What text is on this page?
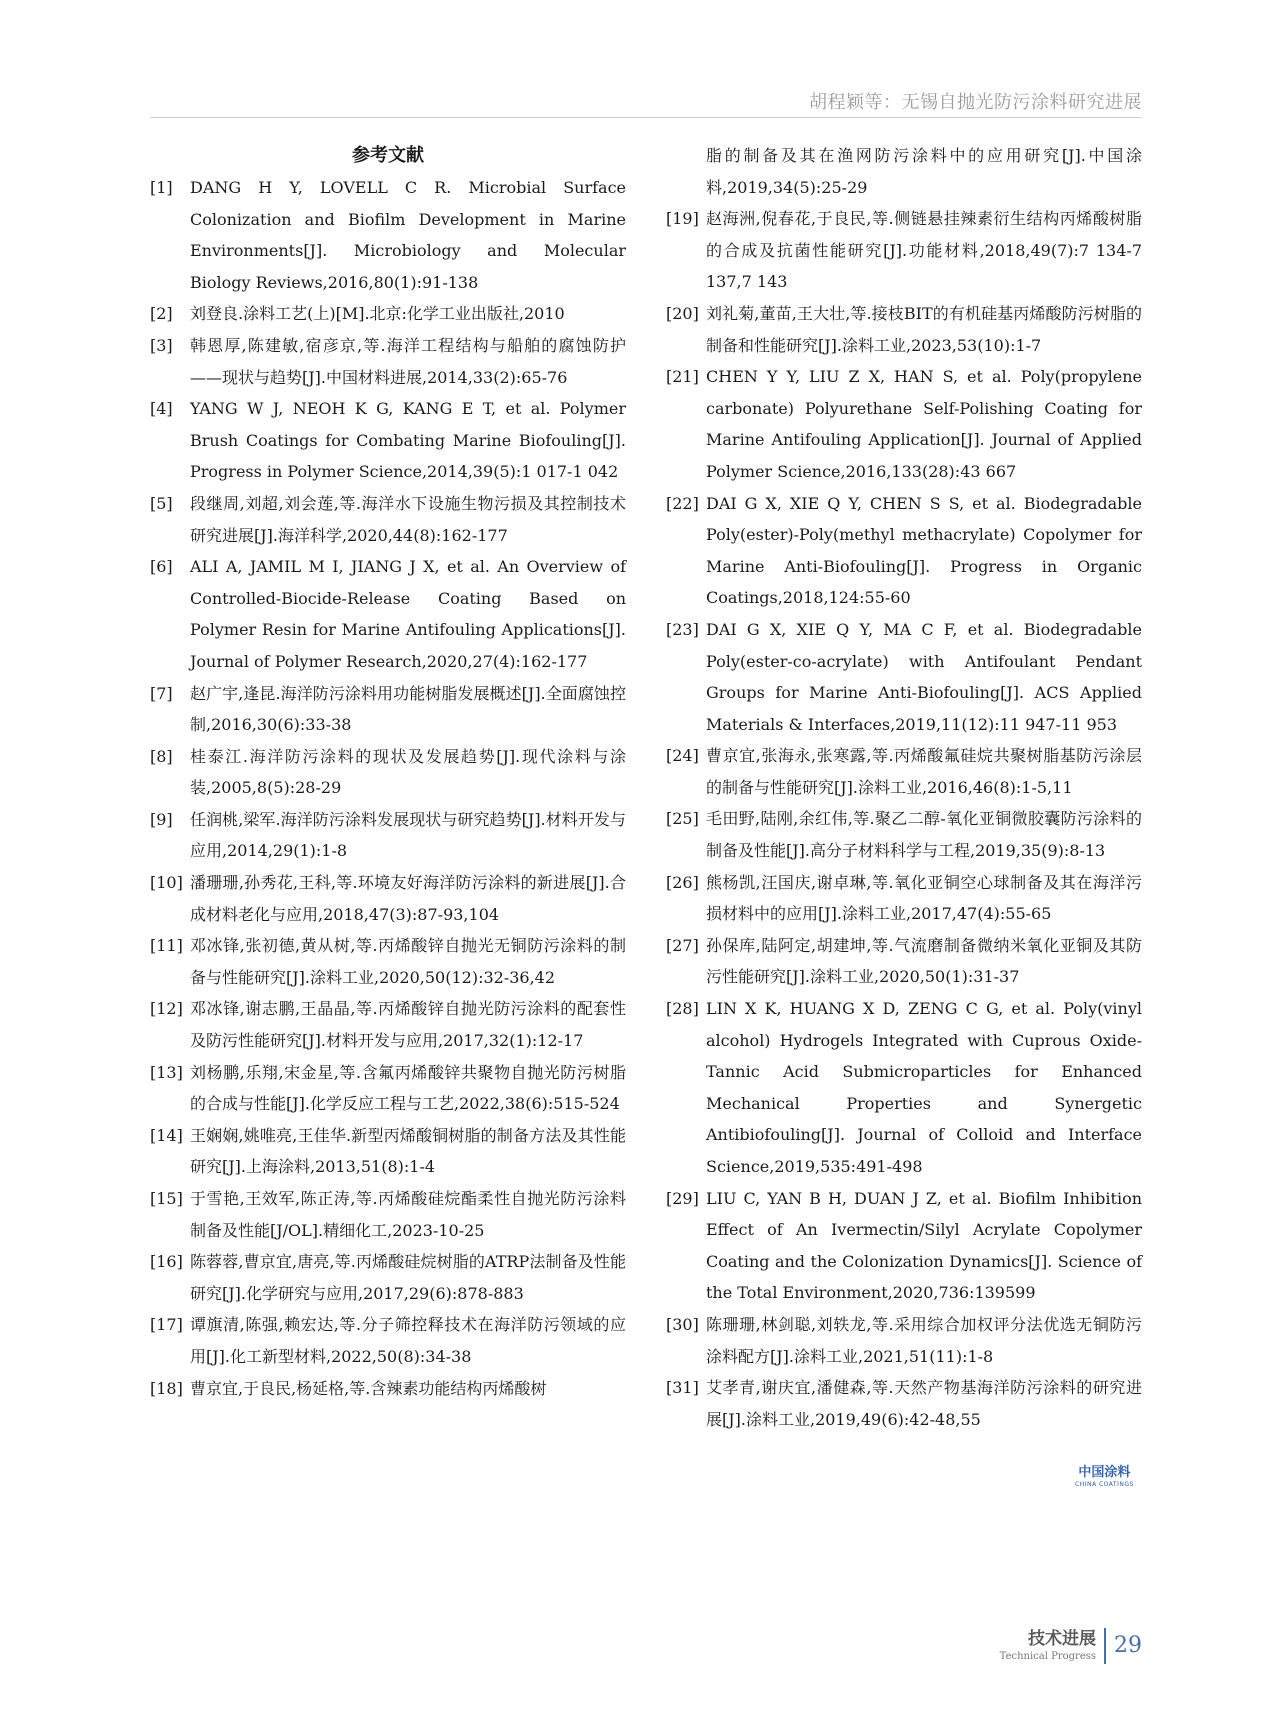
胡程颖等：无锡自抛光防污涂料研究进展
参考文献
[1]	DANG H Y, LOVELL C R. Microbial Surface Colonization and Biofilm Development in Marine Environments[J]. Microbiology and Molecular Biology Reviews,2016,80(1):91-138
[2]	刘登良.涂料工艺(上)[M].北京:化学工业出版社,2010
[3]	韩恩厚,陈建敏,宿彦京,等.海洋工程结构与船舶的腐蚀防护——现状与趋势[J].中国材料进展,2014,33(2):65-76
[4]	YANG W J, NEOH K G, KANG E T, et al. Polymer Brush Coatings for Combating Marine Biofouling[J]. Progress in Polymer Science,2014,39(5):1 017-1 042
[5]	段继周,刘超,刘会莲,等.海洋水下设施生物污损及其控制技术研究进展[J].海洋科学,2020,44(8):162-177
[6]	ALI A, JAMIL M I, JIANG J X, et al. An Overview of Controlled-Biocide-Release Coating Based on Polymer Resin for Marine Antifouling Applications[J]. Journal of Polymer Research,2020,27(4):162-177
[7]	赵广宇,逢昆.海洋防污涂料用功能树脂发展概述[J].全面腐蚀控制,2016,30(6):33-38
[8]	桂泰江.海洋防污涂料的现状及发展趋势[J].现代涂料与涂装,2005,8(5):28-29
[9]	任润桃,梁军.海洋防污涂料发展现状与研究趋势[J].材料开发与应用,2014,29(1):1-8
[10] 潘珊珊,孙秀花,王科,等.环境友好海洋防污涂料的新进展[J].合成材料老化与应用,2018,47(3):87-93,104
[11] 邓冰锋,张初德,黄从树,等.丙烯酸锌自抛光无铜防污涂料的制备与性能研究[J].涂料工业,2020,50(12):32-36,42
[12] 邓冰锋,谢志鹏,王晶晶,等.丙烯酸锌自抛光防污涂料的配套性及防污性能研究[J].材料开发与应用,2017,32(1):12-17
[13] 刘杨鹏,乐翔,宋金星,等.含氟丙烯酸锌共聚物自抛光防污树脂的合成与性能[J].化学反应工程与工艺,2022,38(6):515-524
[14] 王娴娴,姚唯亮,王佳华.新型丙烯酸铜树脂的制备方法及其性能研究[J].上海涂料,2013,51(8):1-4
[15] 于雪艳,王效军,陈正涛,等.丙烯酸硅烷酯柔性自抛光防污涂料制备及性能[J/OL].精细化工,2023-10-25
[16] 陈蓉蓉,曹京宜,唐亮,等.丙烯酸硅烷树脂的ATRP法制备及性能研究[J].化学研究与应用,2017,29(6):878-883
[17] 谭旗清,陈强,赖宏达,等.分子筛控释技术在海洋防污领域的应用[J].化工新型材料,2022,50(8):34-38
[18] 曹京宜,于良民,杨延格,等.含辣素功能结构丙烯酸树
脂的制备及其在渔网防污涂料中的应用研究[J].中国涂料,2019,34(5):25-29
[19] 赵海洲,倪春花,于良民,等.侧链悬挂辣素衍生结构丙烯酸树脂的合成及抗菌性能研究[J].功能材料,2018,49(7):7 134-7 137,7 143
[20] 刘礼菊,董苗,王大壮,等.接枝BIT的有机硅基丙烯酸防污树脂的制备和性能研究[J].涂料工业,2023,53(10):1-7
[21] CHEN Y Y, LIU Z X, HAN S, et al. Poly(propylene carbonate) Polyurethane Self-Polishing Coating for Marine Antifouling Application[J]. Journal of Applied Polymer Science,2016,133(28):43 667
[22] DAI G X, XIE Q Y, CHEN S S, et al. Biodegradable Poly(ester)-Poly(methyl methacrylate) Copolymer for Marine Anti-Biofouling[J]. Progress in Organic Coatings,2018,124:55-60
[23] DAI G X, XIE Q Y, MA C F, et al. Biodegradable Poly(ester-co-acrylate) with Antifoulant Pendant Groups for Marine Anti-Biofouling[J]. ACS Applied Materials & Interfaces,2019,11(12):11 947-11 953
[24] 曹京宜,张海永,张寒露,等.丙烯酸氟硅烷共聚树脂基防污涂层的制备与性能研究[J].涂料工业,2016,46(8):1-5,11
[25] 毛田野,陆刚,余红伟,等.聚乙二醇-氧化亚铜微胶囊防污涂料的制备及性能[J].高分子材料科学与工程,2019,35(9):8-13
[26] 熊杨凯,汪国庆,谢卓琳,等.氧化亚铜空心球制备及其在海洋污损材料中的应用[J].涂料工业,2017,47(4):55-65
[27] 孙保库,陆阿定,胡建坤,等.气流磨制备微纳米氧化亚铜及其防污性能研究[J].涂料工业,2020,50(1):31-37
[28] LIN X K, HUANG X D, ZENG C G, et al. Poly(vinyl alcohol) Hydrogels Integrated with Cuprous Oxide-Tannic Acid Submicroparticles for Enhanced Mechanical Properties and Synergetic Antibiofouling[J]. Journal of Colloid and Interface Science,2019,535:491-498
[29] LIU C, YAN B H, DUAN J Z, et al. Biofilm Inhibition Effect of An Ivermectin/Silyl Acrylate Copolymer Coating and the Colonization Dynamics[J]. Science of the Total Environment,2020,736:139599
[30] 陈珊珊,林剑聪,刘轶龙,等.采用综合加权评分法优选无铜防污涂料配方[J].涂料工业,2021,51(11):1-8
[31] 艾孝青,谢庆宜,潘健森,等.天然产物基海洋防污涂料的研究进展[J].涂料工业,2019,49(6):42-48,55
中国涂料
CHINA COATINGS
技术进展
Technical Progress 29
